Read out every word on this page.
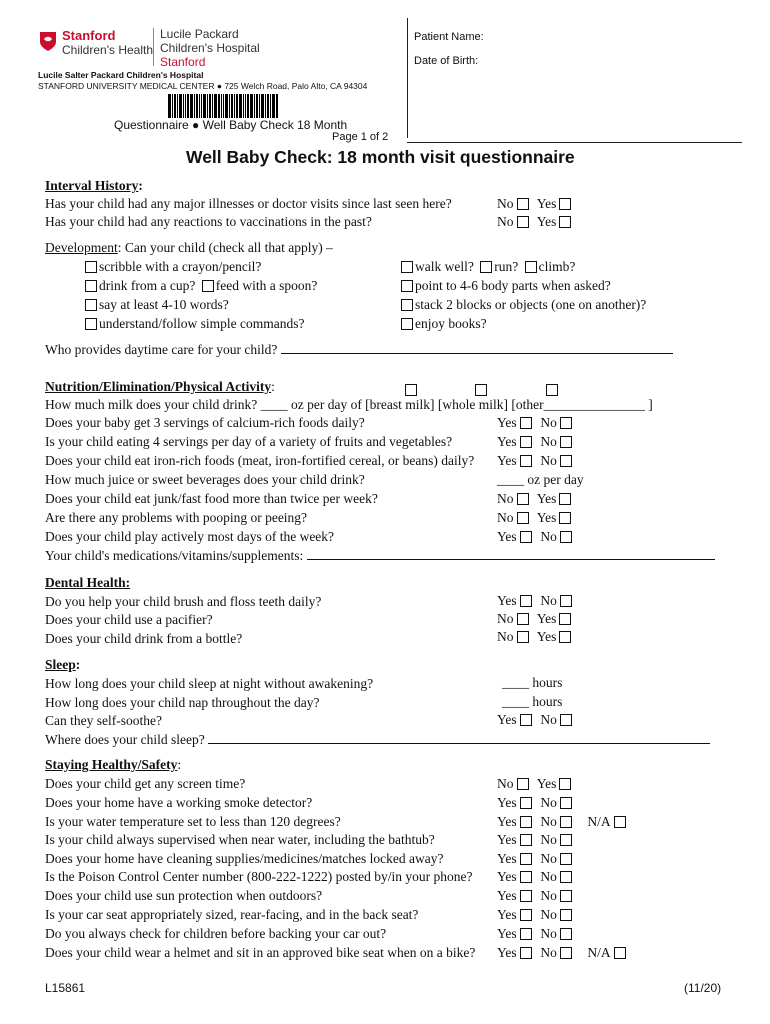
Stanford
Children's Health
Lucile Packard
Children's Hospital
Stanford
Lucile Salter Packard Children's Hospital
STANFORD UNIVERSITY MEDICAL CENTER ● 725 Welch Road, Palo Alto, CA 94304
Questionnaire ● Well Baby Check 18 Month
Page 1 of 2
Patient Name:
Date of Birth:
Well Baby Check: 18 month visit questionnaire
Interval History:
Has your child had any major illnesses or doctor visits since last seen here?	No Yes
Has your child had any reactions to vaccinations in the past?	No Yes
Development: Can your child (check all that apply) –
scribble with a crayon/pencil?
drink from a cup? feed with a spoon?
say at least 4-10 words?
understand/follow simple commands?
walk well? run? climb?
point to 4-6 body parts when asked?
stack 2 blocks or objects (one on another)?
enjoy books?
Who provides daytime care for your child?
Nutrition/Elimination/Physical Activity:
How much milk does your child drink? ____ oz per day of [breast milk] [whole milk] [other_______________ ]
Does your baby get 3 servings of calcium-rich foods daily?	Yes No
Is your child eating 4 servings per day of a variety of fruits and vegetables?	Yes No
Does your child eat iron-rich foods (meat, iron-fortified cereal, or beans) daily? Yes No
How much juice or sweet beverages does your child drink?	____ oz per day
Does your child eat junk/fast food more than twice per week?	No Yes
Are there any problems with pooping or peeing?	No Yes
Does your child play actively most days of the week?	Yes No
Your child's medications/vitamins/supplements:
Dental Health:
Do you help your child brush and floss teeth daily?	Yes No
Does your child use a pacifier?	No Yes
Does your child drink from a bottle?	No Yes
Sleep:
How long does your child sleep at night without awakening?	____ hours
How long does your child nap throughout the day?	____ hours
Can they self-soothe?	Yes No
Where does your child sleep?
Staying Healthy/Safety:
Does your child get any screen time?	No Yes
Does your home have a working smoke detector?	Yes No
Is your water temperature set to less than 120 degrees?	Yes No N/A
Is your child always supervised when near water, including the bathtub?	Yes No
Does your home have cleaning supplies/medicines/matches locked away?	Yes No
Is the Poison Control Center number (800-222-1222) posted by/in your phone? Yes No
Does your child use sun protection when outdoors?	Yes No
Is your car seat appropriately sized, rear-facing, and in the back seat?	Yes No
Do you always check for children before backing your car out?	Yes No
Does your child wear a helmet and sit in an approved bike seat when on a bike? Yes No N/A
L15861	(11/20)
